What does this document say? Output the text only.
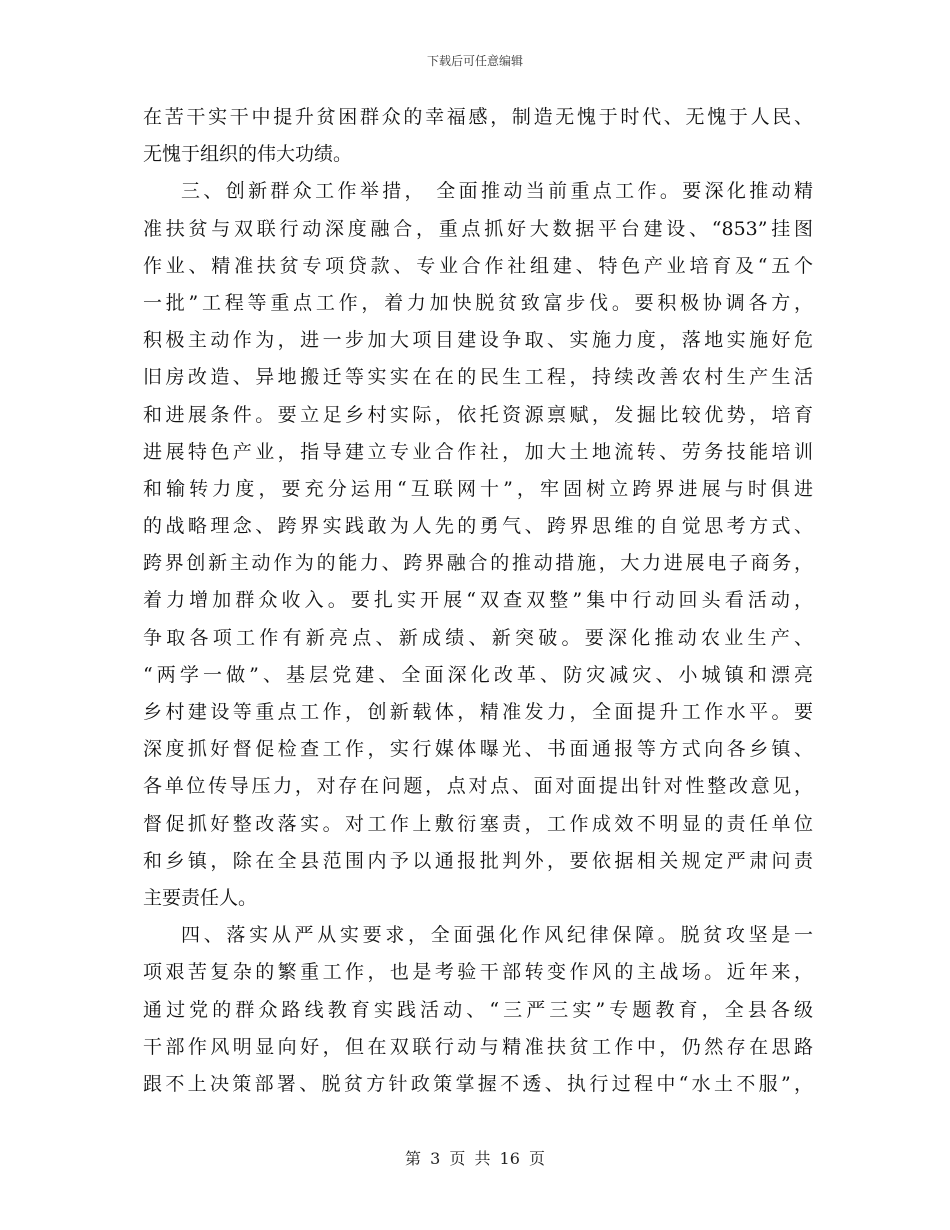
下载后可任意编辑
在苦干实干中提升贫困群众的幸福感，制造无愧于时代、无愧于人民、
无愧于组织的伟大功绩。
三、创新群众工作举措， 全面推动当前重点工作。要深化推动精
准扶贫与双联行动深度融合，重点抓好大数据平台建设、“853”挂图
作业、精准扶贫专项贷款、专业合作社组建、特色产业培育及“五个
一批”工程等重点工作，着力加快脱贫致富步伐。要积极协调各方，
积极主动作为，进一步加大项目建设争取、实施力度，落地实施好危
旧房改造、异地搬迁等实实在在的民生工程，持续改善农村生产生活
和进展条件。要立足乡村实际，依托资源禀赋，发掘比较优势，培育
进展特色产业，指导建立专业合作社，加大土地流转、劳务技能培训
和输转力度，要充分运用“互联网十”，牢固树立跨界进展与时俱进
的战略理念、跨界实践敢为人先的勇气、跨界思维的自觉思考方式、
跨界创新主动作为的能力、跨界融合的推动措施，大力进展电子商务，
着力增加群众收入。要扎实开展“双查双整”集中行动回头看活动，
争取各项工作有新亮点、新成绩、新突破。要深化推动农业生产、
“两学一做”、基层党建、全面深化改革、防灾减灾、小城镇和漂亮
乡村建设等重点工作，创新载体，精准发力，全面提升工作水平。要
深度抓好督促检查工作，实行媒体曝光、书面通报等方式向各乡镇、
各单位传导压力，对存在问题，点对点、面对面提出针对性整改意见，
督促抓好整改落实。对工作上敷衍塞责，工作成效不明显的责任单位
和乡镇，除在全县范围内予以通报批判外，要依据相关规定严肃问责
主要责任人。
四、落实从严从实要求，全面强化作风纪律保障。脱贫攻坚是一
项艰苦复杂的繁重工作，也是考验干部转变作风的主战场。近年来，
通过党的群众路线教育实践活动、“三严三实”专题教育，全县各级
干部作风明显向好，但在双联行动与精准扶贫工作中，仍然存在思路
跟不上决策部署、脱贫方针政策掌握不透、执行过程中“水土不服”，
第 3 页 共 16 页
